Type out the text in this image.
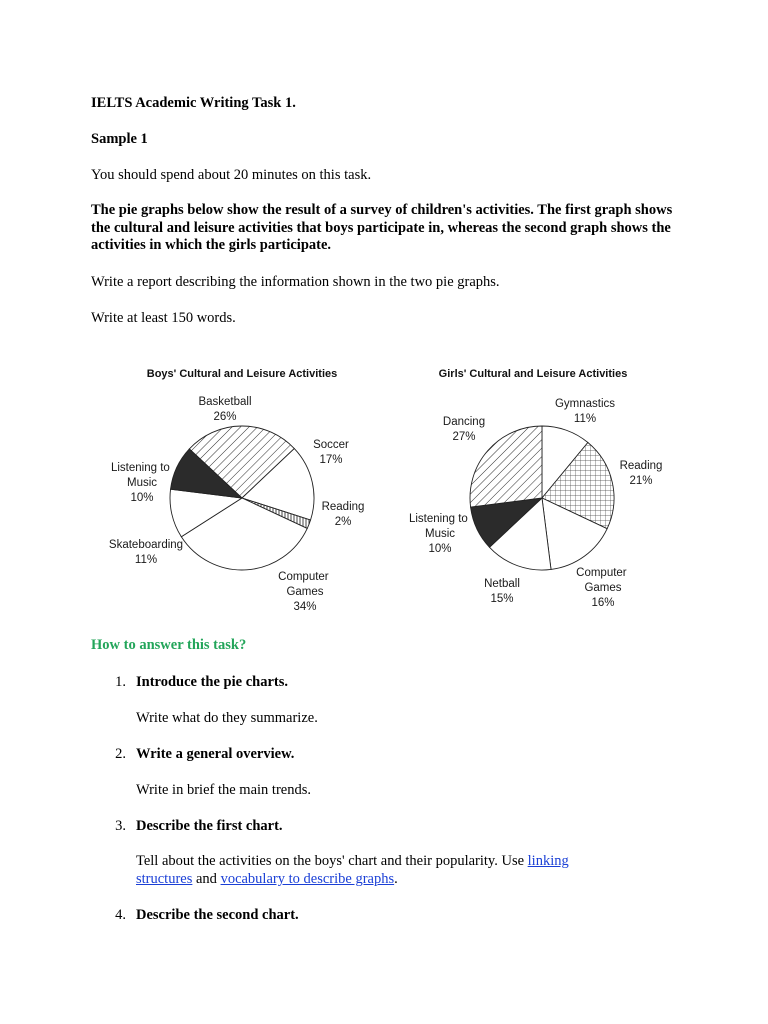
IELTS Academic Writing Task 1.

Sample 1

You should spend about 20 minutes on this task.

The pie graphs below show the result of a survey of children's activities. The first graph shows the cultural and leisure activities that boys participate in, whereas the second graph shows the activities in which the girls participate.

Write a report describing the information shown in the two pie graphs.

Write at least 150 words.

Boys' Cultural and Leisure Activities	Girls' Cultural and Leisure Activities
Basketball
26%
Soccer
17%
Reading
2%
Computer Games
34%
Skateboarding
11%
Listening to Music
10%
Gymnastics
11%
Reading
21%
Computer Games
16%
Netball
15%
Listening to Music
10%
Dancing
27%
How to answer this task?
1. Introduce the pie charts.
Write what do they summarize.
2. Write a general overview.
Write in brief the main trends.
3. Describe the first chart.
Tell about the activities on the boys' chart and their popularity. Use linking structures and vocabulary to describe graphs.
4. Describe the second chart.
